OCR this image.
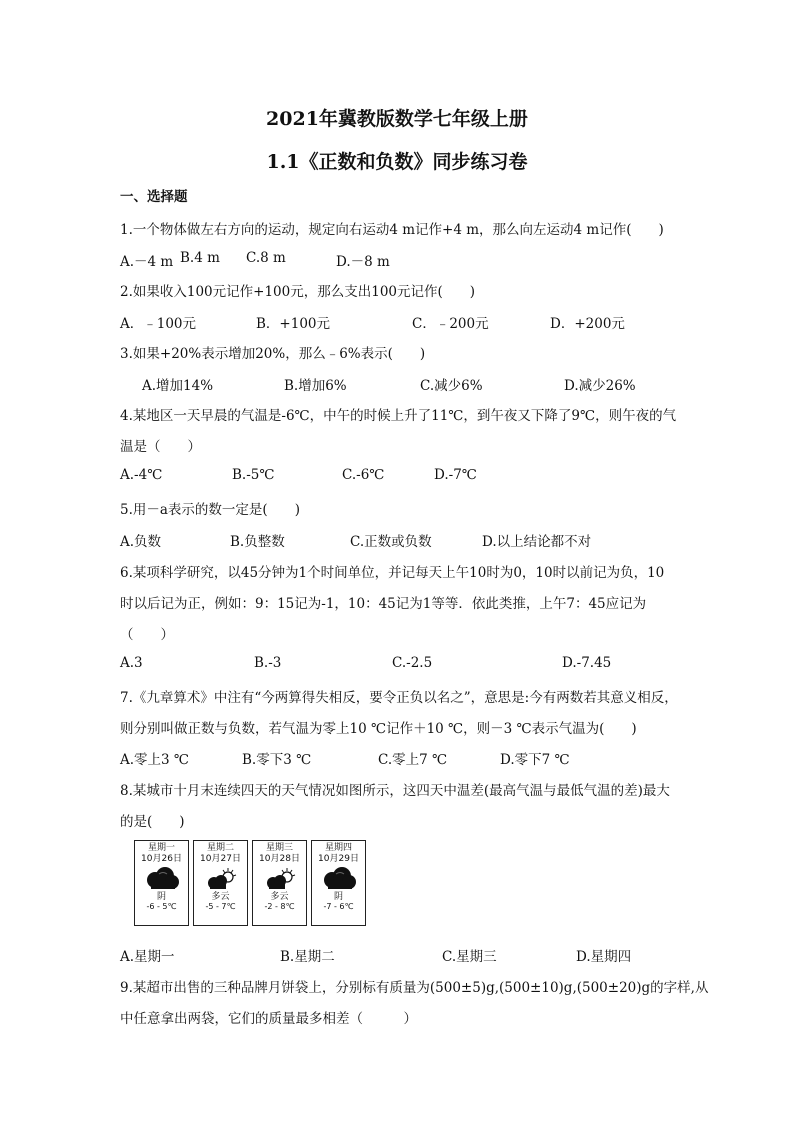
2021年冀教版数学七年级上册
1.1《正数和负数》同步练习卷
一、选择题
1.一个物体做左右方向的运动，规定向右运动4 m记作+4 m，那么向左运动4 m记作(　　)
A.－4 m B.4 m C.8 m	D.－8 m
2.如果收入100元记作+100元，那么支出100元记作(　　)
A．﹣100元	B．+100元	C．﹣200元	D．+200元
3.如果+20%表示增加20%，那么﹣6%表示(　　)
A.增加14%	B.增加6%	C.减少6%	D.减少26%
4.某地区一天早晨的气温是-6℃，中午的时候上升了11℃，到午夜又下降了9℃，则午夜的气
温是（　　）
A.-4℃	B.-5℃	C.-6℃	D.-7℃
5.用－a表示的数一定是(　　)
A.负数	B.负整数	C.正数或负数	D.以上结论都不对
6.某项科学研究，以45分钟为1个时间单位，并记每天上午10时为0，10时以前记为负，10
时以后记为正，例如：9：15记为-1，10：45记为1等等．依此类推，上午7：45应记为
（　　）
A.3	B.-3	C.-2.5	D.-7.45
7.《九章算术》中注有“今两算得失相反，要令正负以名之”，意思是:今有两数若其意义相反，
则分别叫做正数与负数，若气温为零上10 ℃记作＋10 ℃，则－3 ℃表示气温为(　　)
A.零上3 ℃	B.零下3 ℃	C.零上7 ℃	D.零下7 ℃
8.某城市十月末连续四天的天气情况如图所示，这四天中温差(最高气温与最低气温的差)最大
的是(　　)
星期一
10月26日
阴
-6 - 5℃
星期二
10月27日
多云
-5 - 7℃
星期三
10月28日
多云
-2 - 8℃
星期四
10月29日
阴
-7 - 6℃
A.星期一	B.星期二	C.星期三	D.星期四
9.某超市出售的三种品牌月饼袋上，分别标有质量为(500±5)g,(500±10)g,(500±20)g的字样,从
中任意拿出两袋，它们的质量最多相差（　　　）
